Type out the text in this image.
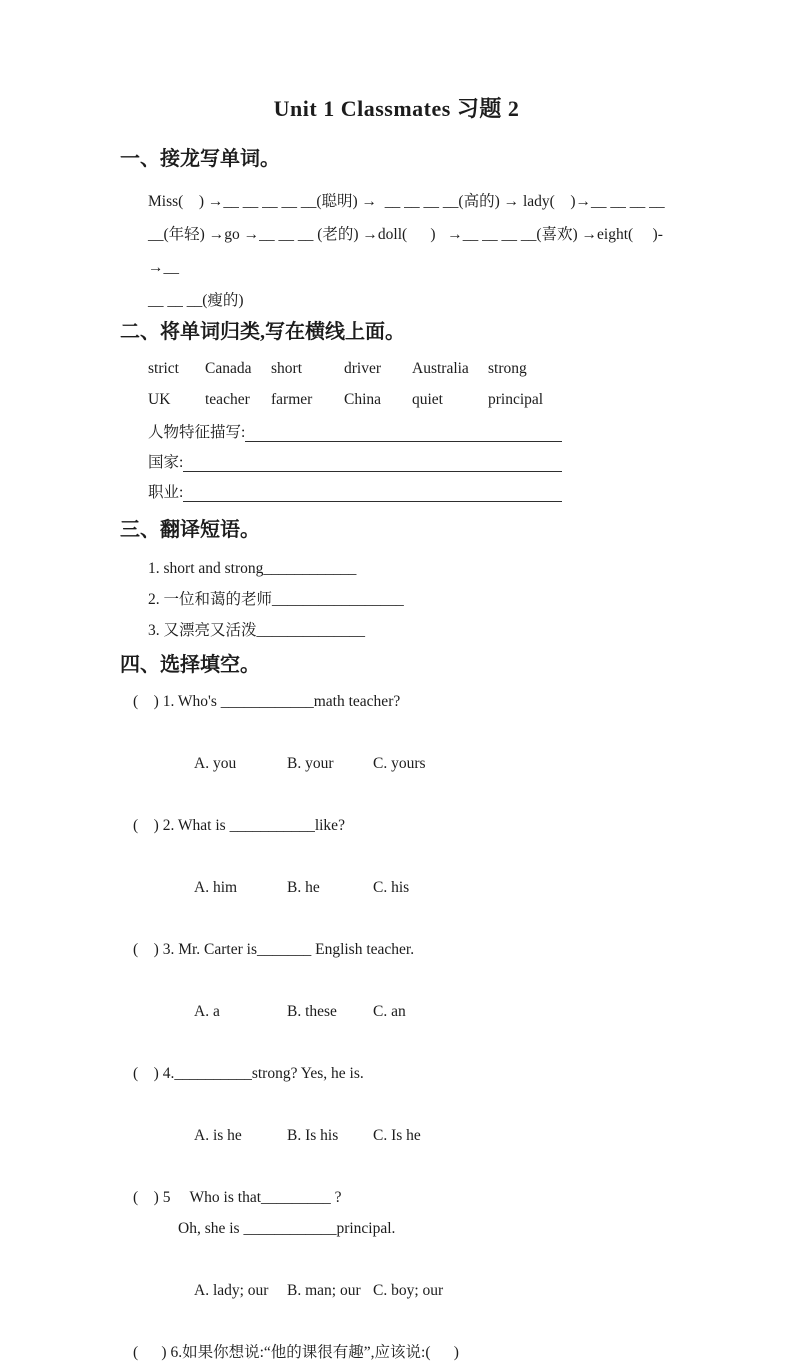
Unit 1 Classmates 习题 2
一、接龙写单词。
Miss(    ) →__ __ __ __ __(聪明) →  __ __ __ __(高的) → lady(    )→__ __ __ __
__(年轻) →go →__ __ __ (老的) →doll(      )   →__ __ __ __(喜欢) →eight(     )- →__
__ __ __(瘦的)
二、将单词归类,写在横线上面。
strict	Canada	short	driver	Australia	strong
UK	teacher	farmer	China	quiet	principal
人物特征描写:
国家:
职业:
三、翻译短语。
1. short and strong____________
2. 一位和蔼的老师_________________
3. 又漂亮又活泼______________
四、选择填空。
(    ) 1. Who's ____________math teacher?

A. you	B. your	C. yours

(    ) 2. What is ___________like?

A. him	B. he	C. his

(    ) 3. Mr. Carter is_______ English teacher.

A. a	B. these C. an

(    ) 4.__________strong? Yes, he is.

A. is he	B. Is his C. Is he

(    ) 5     Who is that_________ ?
Oh, she is ____________principal.

A. lady; our B. man; our C. boy; our

(      ) 6.如果你想说:“他的课很有趣”,应该说:(      )
